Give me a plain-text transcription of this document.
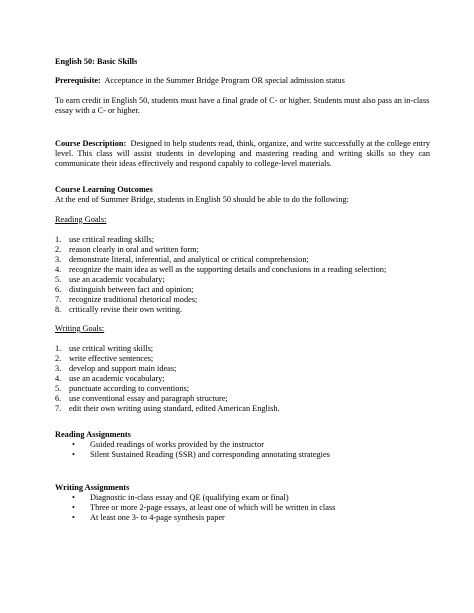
English 50: Basic Skills
Prerequisite: Acceptance in the Summer Bridge Program OR special admission status
To earn credit in English 50, students must have a final grade of C- or higher. Students must also pass an in-class essay with a C- or higher.
Course Description: Designed to help students read, think, organize, and write successfully at the college entry level. This class will assist students in developing and mastering reading and writing skills so they can communicate their ideas effectively and respond capably to college-level materials.
Course Learning Outcomes
At the end of Summer Bridge, students in English 50 should be able to do the following:
Reading Goals:
1. use critical reading skills;
2. reason clearly in oral and written form;
3. demonstrate literal, inferential, and analytical or critical comprehension;
4. recognize the main idea as well as the supporting details and conclusions in a reading selection;
5. use an academic vocabulary;
6. distinguish between fact and opinion;
7. recognize traditional rhetorical modes;
8. critically revise their own writing.
Writing Goals:
1. use critical writing skills;
2. write effective sentences;
3. develop and support main ideas;
4. use an academic vocabulary;
5. punctuate according to conventions;
6. use conventional essay and paragraph structure;
7. edit their own writing using standard, edited American English.
Reading Assignments
•	Guided readings of works provided by the instructor
•	Silent Sustained Reading (SSR) and corresponding annotating strategies
Writing Assignments
•	Diagnostic in-class essay and QE (qualifying exam or final)
•	Three or more 2-page essays, at least one of which will be written in class
•	At least one 3- to 4-page synthesis paper
